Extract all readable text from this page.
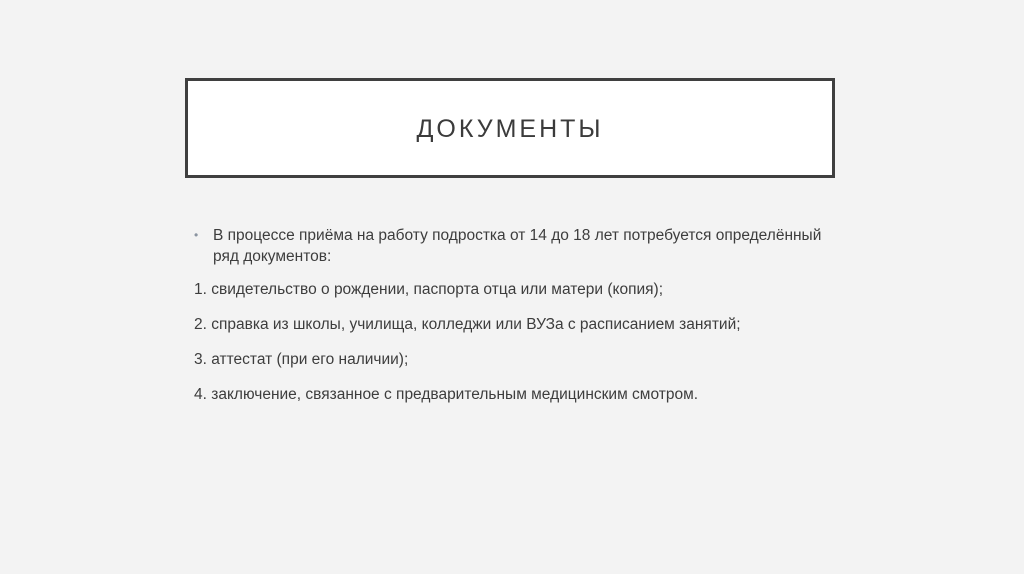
ДОКУМЕНТЫ
• В процессе приёма на работу подростка от 14 до 18 лет потребуется определённый ряд документов:
1. свидетельство о рождении, паспорта отца или матери (копия);
2. справка из школы, училища, колледжи или ВУЗа с расписанием занятий;
3. аттестат (при его наличии);
4. заключение, связанное с предварительным медицинским смотром.
